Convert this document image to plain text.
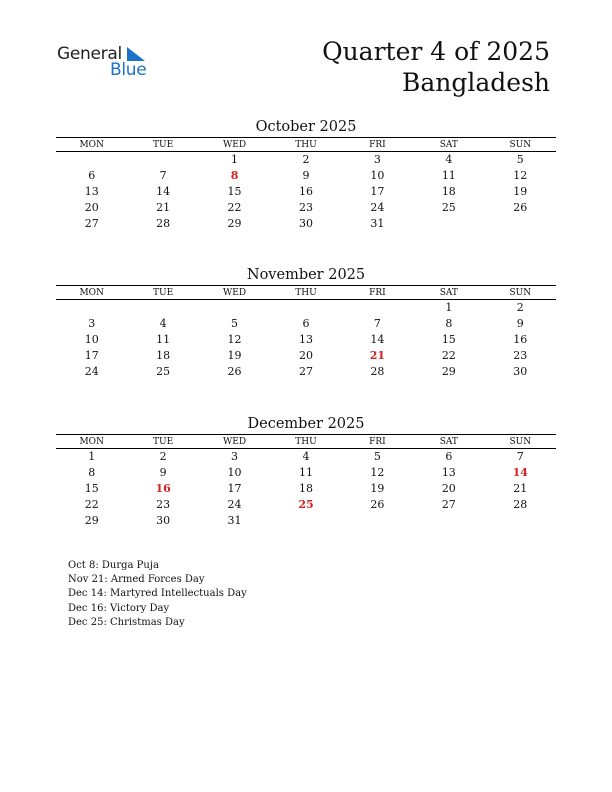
General
Blue
Quarter 4 of 2025
Bangladesh
October 2025
MON	TUE	WED	THU	FRI	SAT	SUN
		1	2	3	4	5
6	7	8	9	10	11	12
13	14	15	16	17	18	19
20	21	22	23	24	25	26
27	28	29	30	31		
November 2025
MON	TUE	WED	THU	FRI	SAT	SUN
					1	2
3	4	5	6	7	8	9
10	11	12	13	14	15	16
17	18	19	20	21	22	23
24	25	26	27	28	29	30
December 2025
MON	TUE	WED	THU	FRI	SAT	SUN
1	2	3	4	5	6	7
8	9	10	11	12	13	14
15	16	17	18	19	20	21
22	23	24	25	26	27	28
29	30	31				
Oct 8: Durga Puja
Nov 21: Armed Forces Day
Dec 14: Martyred Intellectuals Day
Dec 16: Victory Day
Dec 25: Christmas Day
